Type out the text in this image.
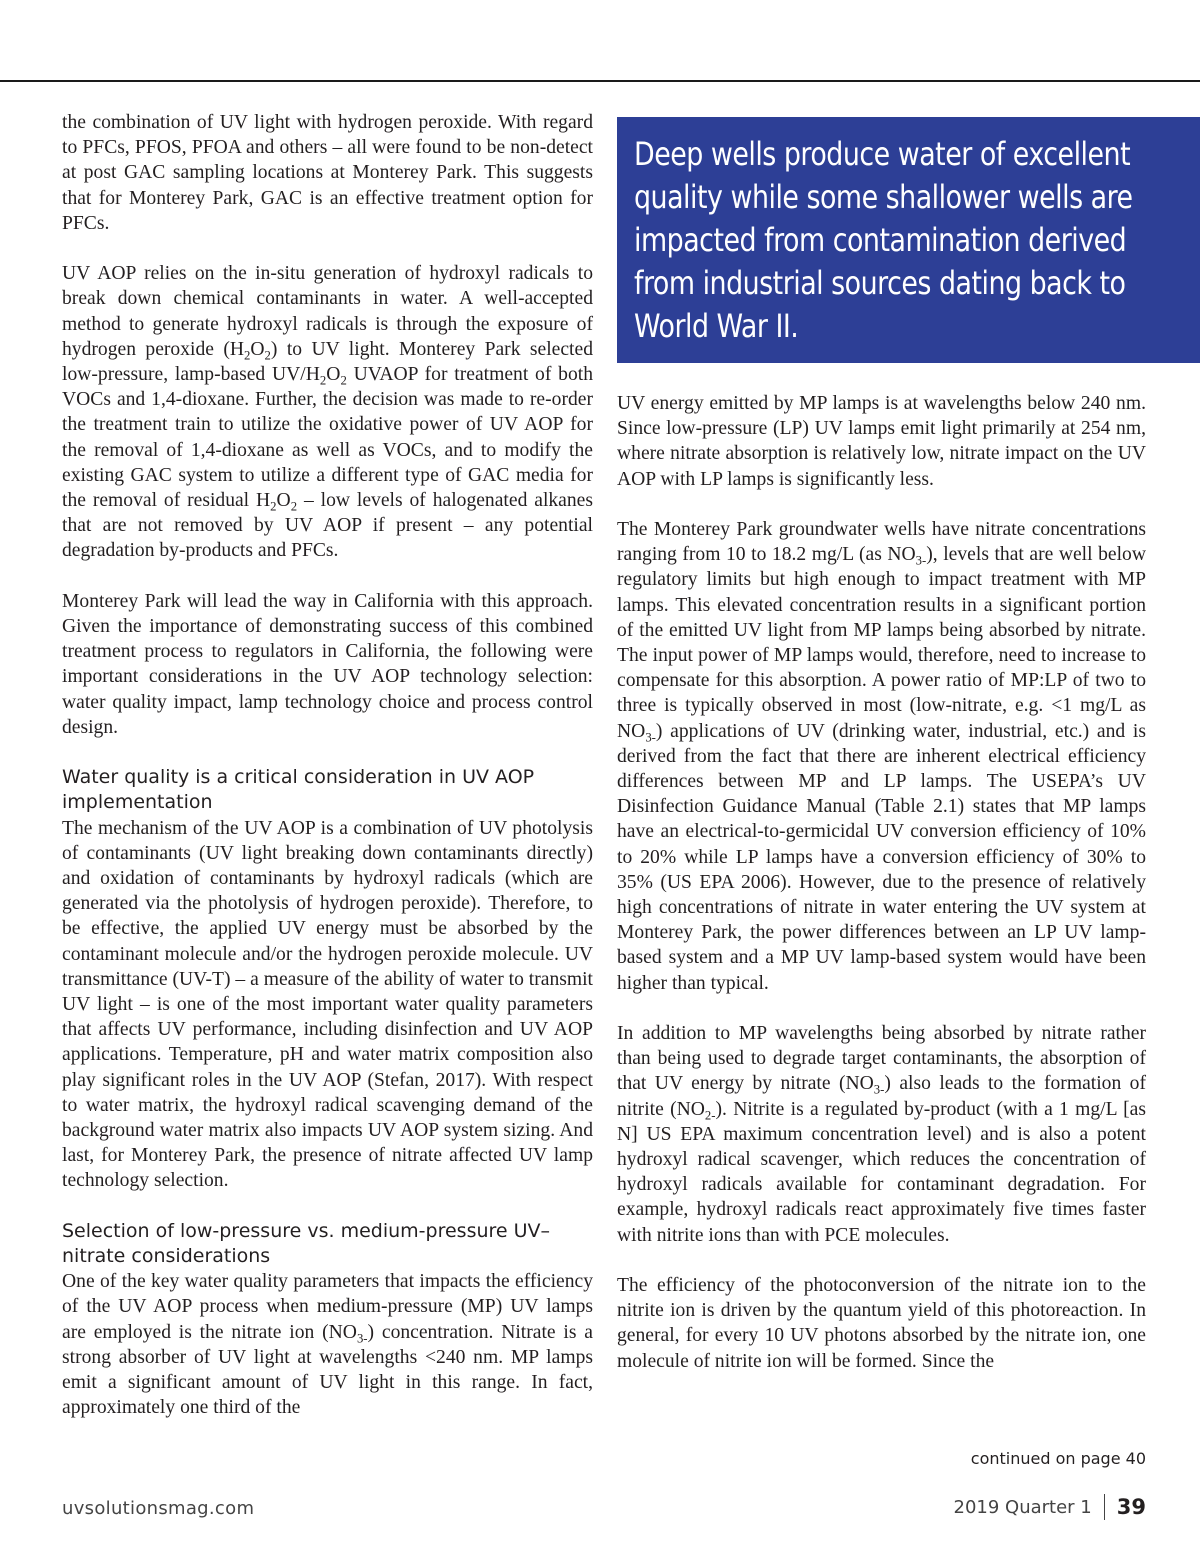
the combination of UV light with hydrogen peroxide. With regard to PFCs, PFOS, PFOA and others – all were found to be non-detect at post GAC sampling locations at Monterey Park. This suggests that for Monterey Park, GAC is an effective treatment option for PFCs.

UV AOP relies on the in-situ generation of hydroxyl radicals to break down chemical contaminants in water. A well-accepted method to generate hydroxyl radicals is through the exposure of hydrogen peroxide $(H_2O_2)$ to UV light. Monterey Park selected low-pressure, lamp-based $UV/H_2O_2$ UVAOP for treatment of both VOCs and 1,4-dioxane. Further, the decision was made to re-order the treatment train to utilize the oxidative power of UV AOP for the removal of 1,4-dioxane as well as VOCs, and to modify the existing GAC system to utilize a different type of GAC media for the removal of residual $H_2O_2$ – low levels of halogenated alkanes that are not removed by UV AOP if present – any potential degradation by-products and PFCs.

Monterey Park will lead the way in California with this approach. Given the importance of demonstrating success of this combined treatment process to regulators in California, the following were important considerations in the UV AOP technology selection: water quality impact, lamp technology choice and process control design.

Water quality is a critical consideration in UV AOP implementation

The mechanism of the UV AOP is a combination of UV photolysis of contaminants (UV light breaking down contaminants directly) and oxidation of contaminants by hydroxyl radicals (which are generated via the photolysis of hydrogen peroxide). Therefore, to be effective, the applied UV energy must be absorbed by the contaminant molecule and/or the hydrogen peroxide molecule. UV transmittance (UV-T) – a measure of the ability of water to transmit UV light – is one of the most important water quality parameters that affects UV performance, including disinfection and UV AOP applications. Temperature, pH and water matrix composition also play significant roles in the UV AOP (Stefan, 2017). With respect to water matrix, the hydroxyl radical scavenging demand of the background water matrix also impacts UV AOP system sizing. And last, for Monterey Park, the presence of nitrate affected UV lamp technology selection.

Selection of low-pressure vs. medium-pressure UV–nitrate considerations

One of the key water quality parameters that impacts the efficiency of the UV AOP process when medium-pressure (MP) UV lamps are employed is the nitrate ion $(NO_{3-})$ concentration. Nitrate is a strong absorber of UV light at wavelengths <240 nm. MP lamps emit a significant amount of UV light in this range. In fact, approximately one third of the

Deep wells produce water of excellent quality while some shallower wells are impacted from contamination derived from industrial sources dating back to World War II.

UV energy emitted by MP lamps is at wavelengths below 240 nm. Since low-pressure (LP) UV lamps emit light primarily at 254 nm, where nitrate absorption is relatively low, nitrate impact on the UV AOP with LP lamps is significantly less.

The Monterey Park groundwater wells have nitrate concentrations ranging from 10 to 18.2 mg/L (as $NO_{3-}$), levels that are well below regulatory limits but high enough to impact treatment with MP lamps. This elevated concentration results in a significant portion of the emitted UV light from MP lamps being absorbed by nitrate. The input power of MP lamps would, therefore, need to increase to compensate for this absorption. A power ratio of MP:LP of two to three is typically observed in most (low-nitrate, e.g. <1 mg/L as $NO_{3-}$) applications of UV (drinking water, industrial, etc.) and is derived from the fact that there are inherent electrical efficiency differences between MP and LP lamps. The USEPA’s UV Disinfection Guidance Manual (Table 2.1) states that MP lamps have an electrical-to-germicidal UV conversion efficiency of 10% to 20% while LP lamps have a conversion efficiency of 30% to 35% (US EPA 2006). However, due to the presence of relatively high concentrations of nitrate in water entering the UV system at Monterey Park, the power differences between an LP UV lamp-based system and a MP UV lamp-based system would have been higher than typical.

In addition to MP wavelengths being absorbed by nitrate rather than being used to degrade target contaminants, the absorption of that UV energy by nitrate $(NO_{3-})$ also leads to the formation of nitrite $(NO_{2-})$. Nitrite is a regulated by-product (with a 1 mg/L [as N] US EPA maximum concentration level) and is also a potent hydroxyl radical scavenger, which reduces the concentration of hydroxyl radicals available for contaminant degradation. For example, hydroxyl radicals react approximately five times faster with nitrite ions than with PCE molecules.

The efficiency of the photoconversion of the nitrate ion to the nitrite ion is driven by the quantum yield of this photoreaction. In general, for every 10 UV photons absorbed by the nitrate ion, one molecule of nitrite ion will be formed. Since the

continued on page 40
uvsolutionsmag.com	2019 Quarter 1 39
